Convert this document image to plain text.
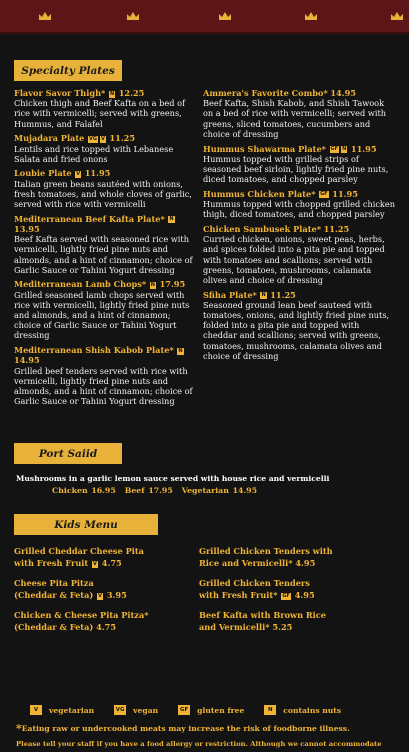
Specialty Plates
Flavor Savor Thigh* N 12.25
Chicken thigh and Beef Kafta on a bed of rice with vermicelli; served with greens, Hummus, and Falafel
Mujadara Plate VG V 11.25
Lentils and rice topped with Lebanese Salata and fried onons
Loubie Plate V 11.95
Italian green beans sautéed with onions, fresh tomatoes, and whole cloves of garlic, served with rice with vermicelli
Mediterranean Beef Kafta Plate* N 13.95
Beef Kafta served with seasoned rice with vermicelli, lightly fried pine nuts and almonds, and a hint of cinnamon; choice of Garlic Sauce or Tahini Yogurt dressing
Mediterranean Lamb Chops* N 17.95
Grilled seasoned lamb chops served with rice with vermicelli, lightly fried pine nuts and almonds, and a hint of cinnamon; choice of Garlic Sauce or Tahini Yogurt dressing
Mediterranean Shish Kabob Plate* N 14.95
Grilled beef tenders served with rice with vermicelli, lightly fried pine nuts and almonds, and a hint of cinnamon; choice of Garlic Sauce or Tahini Yogurt dressing
Ammera's Favorite Combo* 14.95
Beef Kafta, Shish Kabob, and Shish Tawook on a bed of rice with vermicelli; served with greens, sliced tomatoes, cucumbers and choice of dressing
Hummus Shawarma Plate* GF N 11.95
Hummus topped with grilled strips of seasoned beef sirloin, lightly fried pine nuts, diced tomatoes, and chopped parsley
Hummus Chicken Plate* GF 11.95
Hummus topped with chopped grilled chicken thigh, diced tomatoes, and chopped parsley
Chicken Sambusek Plate* 11.25
Curried chicken, onions, sweet peas, herbs, and spices folded into a pita pie and topped with tomatoes and scallions; served with greens, tomatoes, mushrooms, calamata olives and choice of dressing
Sfiha Plate* N 11.25
Seasoned ground lean beef sauteed with tomatoes, onions, and lightly fried pine nuts, folded into a pita pie and topped with cheddar and scallions; served with greens, tomatoes, mushrooms, calamata olives and choice of dressing
Port Saiid
Mushrooms in a garlic lemon sauce served with house rice and vermicelli
Chicken 16.95 Beef 17.95 Vegetarian 14.95
Kids Menu
Grilled Cheddar Cheese Pita
with Fresh Fruit V 4.75
Cheese Pita Pitza
(Cheddar & Feta) V 3.95
Chicken & Cheese Pita Pitza*
(Cheddar & Feta) 4.75
Grilled Chicken Tenders with
Rice and Vermicelli* 4.95
Grilled Chicken Tenders
with Fresh Fruit* GF 4.95
Beef Kafta with Brown Rice
and Vermicelli* 5.25
V	vegetarian	VG vegan	GF gluten free	N	contains nuts
*Eating raw or undercooked meats may increase the risk of foodborne illness.
Please tell your staff if you have a food allergy or restriction. Although we cannot accommodate
